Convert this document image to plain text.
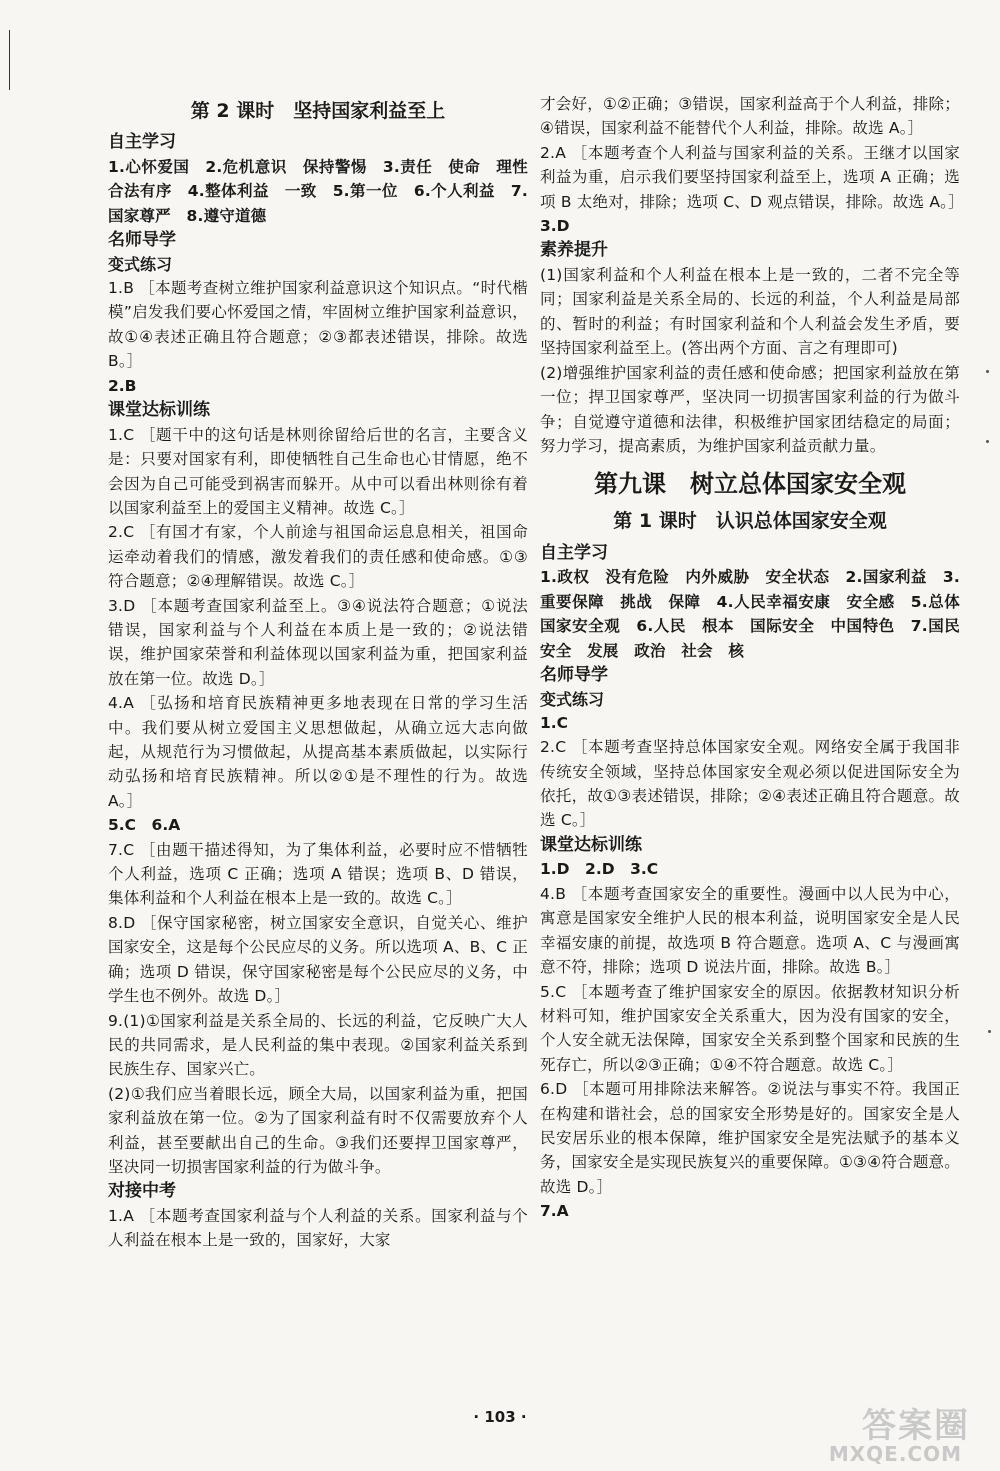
第 2 课时　坚持国家利益至上
自主学习

1.心怀爱国　2.危机意识　保持警惕　3.责任　使命　理性　合法有序　4.整体利益　一致　5.第一位　6.个人利益　7.国家尊严　8.遵守道德

名师导学
变式练习

1.B ［本题考查树立维护国家利益意识这个知识点。“时代楷模”启发我们要心怀爱国之情，牢固树立维护国家利益意识，故①④表述正确且符合题意；②③都表述错误，排除。故选 B。］

2.B

课堂达标训练

1.C ［题干中的这句话是林则徐留给后世的名言，主要含义是：只要对国家有利，即使牺牲自己生命也心甘情愿，绝不会因为自己可能受到祸害而躲开。从中可以看出林则徐有着以国家利益至上的爱国主义精神。故选 C。］

2.C ［有国才有家，个人前途与祖国命运息息相关，祖国命运牵动着我们的情感，激发着我们的责任感和使命感。①③符合题意；②④理解错误。故选 C。］

3.D ［本题考查国家利益至上。③④说法符合题意；①说法错误，国家利益与个人利益在本质上是一致的；②说法错误，维护国家荣誉和利益体现以国家利益为重，把国家利益放在第一位。故选 D。］

4.A ［弘扬和培育民族精神更多地表现在日常的学习生活中。我们要从树立爱国主义思想做起，从确立远大志向做起，从规范行为习惯做起，从提高基本素质做起，以实际行动弘扬和培育民族精神。所以②①是不理性的行为。故选 A。］

5.C　6.A

7.C ［由题干描述得知，为了集体利益，必要时应不惜牺牲个人利益，选项 C 正确；选项 A 错误；选项 B、D 错误，集体利益和个人利益在根本上是一致的。故选 C。］

8.D ［保守国家秘密，树立国家安全意识，自觉关心、维护国家安全，这是每个公民应尽的义务。所以选项 A、B、C 正确；选项 D 错误，保守国家秘密是每个公民应尽的义务，中学生也不例外。故选 D。］

9.(1)①国家利益是关系全局的、长远的利益，它反映广大人民的共同需求，是人民利益的集中表现。②国家利益关系到民族生存、国家兴亡。

(2)①我们应当着眼长远，顾全大局，以国家利益为重，把国家利益放在第一位。②为了国家利益有时不仅需要放弃个人利益，甚至要献出自己的生命。③我们还要捍卫国家尊严，坚决同一切损害国家利益的行为做斗争。

对接中考

1.A ［本题考查国家利益与个人利益的关系。国家利益与个人利益在根本上是一致的，国家好，大家

才会好，①②正确；③错误，国家利益高于个人利益，排除；④错误，国家利益不能替代个人利益，排除。故选 A。］

2.A ［本题考查个人利益与国家利益的关系。王继才以国家利益为重，启示我们要坚持国家利益至上，选项 A 正确；选项 B 太绝对，排除；选项 C、D 观点错误，排除。故选 A。］

3.D

素养提升

(1)国家利益和个人利益在根本上是一致的，二者不完全等同；国家利益是关系全局的、长远的利益，个人利益是局部的、暂时的利益；有时国家利益和个人利益会发生矛盾，要坚持国家利益至上。(答出两个方面、言之有理即可)

(2)增强维护国家利益的责任感和使命感；把国家利益放在第一位；捍卫国家尊严，坚决同一切损害国家利益的行为做斗争；自觉遵守道德和法律，积极维护国家团结稳定的局面；努力学习，提高素质，为维护国家利益贡献力量。

第九课　树立总体国家安全观
第 1 课时　认识总体国家安全观
自主学习

1.政权　没有危险　内外威胁　安全状态　2.国家利益　3.重要保障　挑战　保障　4.人民幸福安康　安全感　5.总体国家安全观　6.人民　根本　国际安全　中国特色　7.国民安全　发展　政治　社会　核

名师导学
变式练习

1.C

2.C ［本题考查坚持总体国家安全观。网络安全属于我国非传统安全领域，坚持总体国家安全观必须以促进国际安全为依托，故①③表述错误，排除；②④表述正确且符合题意。故选 C。］

课堂达标训练

1.D　2.D　3.C

4.B ［本题考查国家安全的重要性。漫画中以人民为中心，寓意是国家安全维护人民的根本利益，说明国家安全是人民幸福安康的前提，故选项 B 符合题意。选项 A、C 与漫画寓意不符，排除；选项 D 说法片面，排除。故选 B。］

5.C ［本题考查了维护国家安全的原因。依据教材知识分析材料可知，维护国家安全关系重大，因为没有国家的安全，个人安全就无法保障，国家安全关系到整个国家和民族的生死存亡，所以②③正确；①④不符合题意。故选 C。］

6.D ［本题可用排除法来解答。②说法与事实不符。我国正在构建和谐社会，总的国家安全形势是好的。国家安全是人民安居乐业的根本保障，维护国家安全是宪法赋予的基本义务，国家安全是实现民族复兴的重要保障。①③④符合题意。故选 D。］

7.A

· 103 ·	答案圈
MXQE.COM
